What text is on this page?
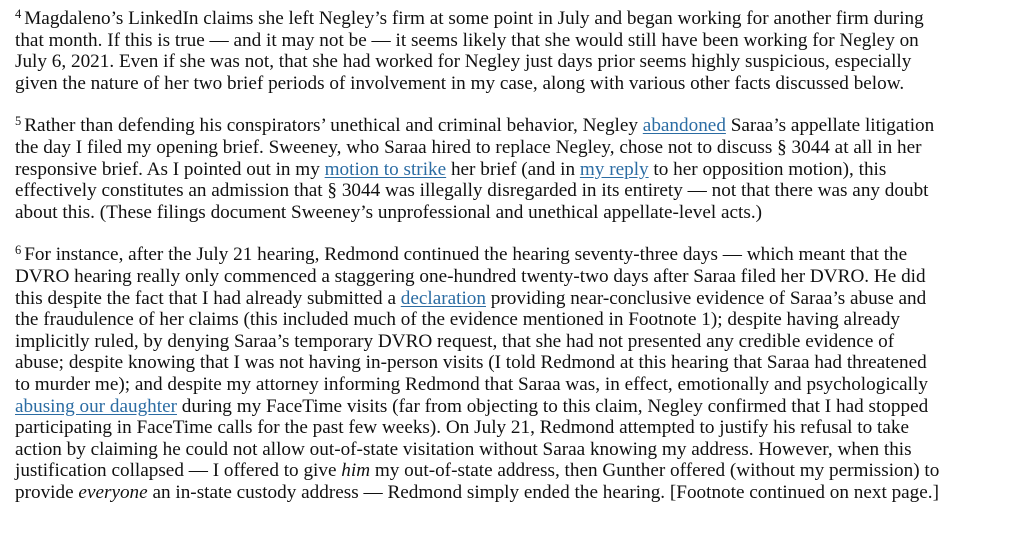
$^4$ Magdaleno’s LinkedIn claims she left Negley’s firm at some point in July and began working for another firm during
that month. If this is true — and it may not be — it seems likely that she would still have been working for Negley on
July 6, 2021. Even if she was not, that she had worked for Negley just days prior seems highly suspicious, especially
given the nature of her two brief periods of involvement in my case, along with various other facts discussed below.

$^5$ Rather than defending his conspirators’ unethical and criminal behavior, Negley abandoned Saraa’s appellate litigation
the day I filed my opening brief. Sweeney, who Saraa hired to replace Negley, chose not to discuss § 3044 at all in her
responsive brief. As I pointed out in my motion to strike her brief (and in my reply to her opposition motion), this
effectively constitutes an admission that § 3044 was illegally disregarded in its entirety — not that there was any doubt
about this. (These filings document Sweeney’s unprofessional and unethical appellate-level acts.)

$^6$ For instance, after the July 21 hearing, Redmond continued the hearing seventy-three days — which meant that the
DVRO hearing really only commenced a staggering one-hundred twenty-two days after Saraa filed her DVRO. He did
this despite the fact that I had already submitted a declaration providing near-conclusive evidence of Saraa’s abuse and
the fraudulence of her claims (this included much of the evidence mentioned in Footnote 1); despite having already
implicitly ruled, by denying Saraa’s temporary DVRO request, that she had not presented any credible evidence of
abuse; despite knowing that I was not having in-person visits (I told Redmond at this hearing that Saraa had threatened
to murder me); and despite my attorney informing Redmond that Saraa was, in effect, emotionally and psychologically
abusing our daughter during my FaceTime visits (far from objecting to this claim, Negley confirmed that I had stopped
participating in FaceTime calls for the past few weeks). On July 21, Redmond attempted to justify his refusal to take
action by claiming he could not allow out-of-state visitation without Saraa knowing my address. However, when this
justification collapsed — I offered to give him my out-of-state address, then Gunther offered (without my permission) to
provide everyone an in-state custody address — Redmond simply ended the hearing. [Footnote continued on next page.]
